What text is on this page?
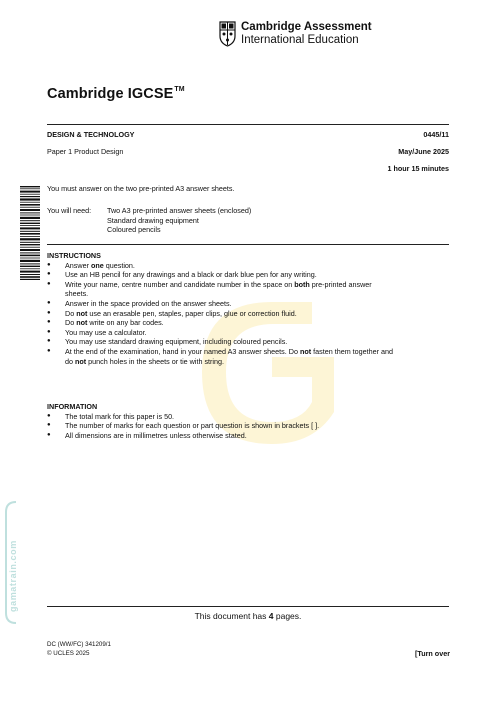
Cambridge Assessment
International Education
Cambridge IGCSE™
DESIGN & TECHNOLOGY	0445/11
Paper 1 Product Design	May/June 2025
1 hour 15 minutes
You must answer on the two pre-printed A3 answer sheets.
You will need: Two A3 pre-printed answer sheets (enclosed)
Standard drawing equipment
Coloured pencils
INSTRUCTIONS
● Answer one question.
● Use an HB pencil for any drawings and a black or dark blue pen for any writing.
● Write your name, centre number and candidate number in the space on both pre-printed answer
sheets.
● Answer in the space provided on the answer sheets.
● Do not use an erasable pen, staples, paper clips, glue or correction fluid.
● Do not write on any bar codes.
● You may use a calculator.
● You may use standard drawing equipment, including coloured pencils.
● At the end of the examination, hand in your named A3 answer sheets. Do not fasten them together and
do not punch holes in the sheets or tie with string.
INFORMATION
● The total mark for this paper is 50.
● The number of marks for each question or part question is shown in brackets [ ].
● All dimensions are in millimetres unless otherwise stated.
gamatrain.com
This document has 4 pages.
DC (WW/FC) 341209/1
© UCLES 2025	[Turn over
